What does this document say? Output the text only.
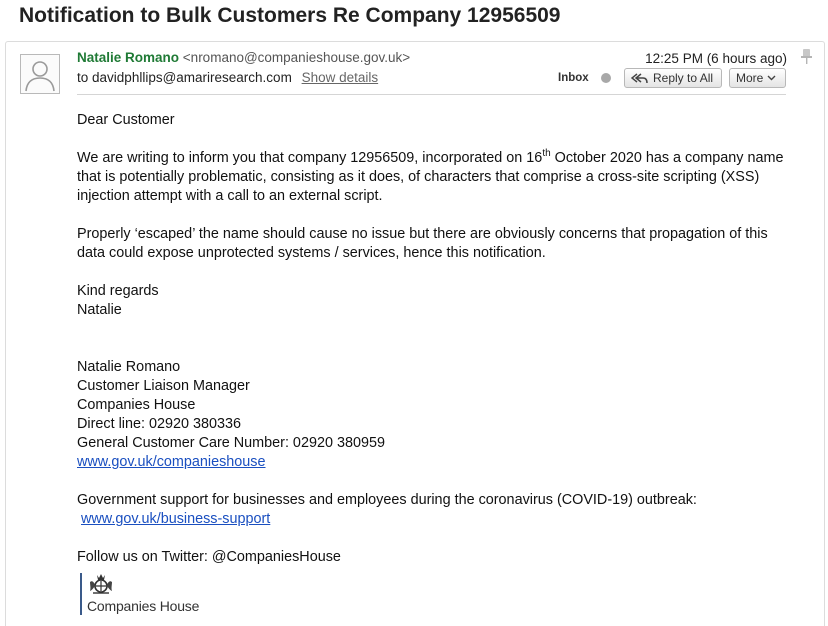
Notification to Bulk Customers Re Company 12956509
Natalie Romano <nromano@companieshouse.gov.uk>
to davidphllips@amariresearch.com Show details
12:25 PM (6 hours ago)
Inbox	Reply to All More

Dear Customer

We are writing to inform you that company 12956509, incorporated on 16th October 2020 has a company name that is potentially problematic, consisting as it does, of characters that comprise a cross-site scripting (XSS) injection attempt with a call to an external script.

Properly ‘escaped’ the name should cause no issue but there are obviously concerns that propagation of this data could expose unprotected systems / services, hence this notification.

Kind regards

Natalie

Natalie Romano

Customer Liaison Manager

Companies House

Direct line: 02920 380336

General Customer Care Number: 02920 380959

www.gov.uk/companieshouse

Government support for businesses and employees during the coronavirus (COVID-19) outbreak:

www.gov.uk/business-support

Follow us on Twitter: @CompaniesHouse

Companies House
